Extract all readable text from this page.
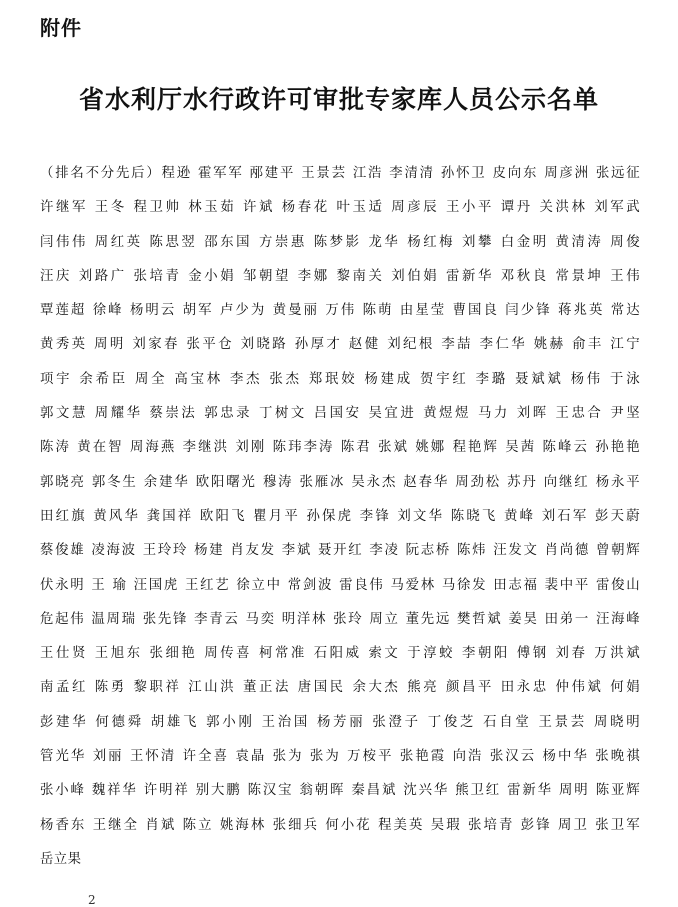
附件
省水利厅水行政许可审批专家库人员公示名单
（排名不分先后）程逊 霍军军 邴建平 王景芸 江浩 李清清 孙怀卫 皮向东 周彦洲 张远征
许继军 王冬 程卫帅 林玉茹 许斌 杨春花 叶玉适 周彦辰 王小平 谭丹 关洪林 刘军武
闫伟伟 周红英 陈思翌 邵东国 方崇惠 陈梦影 龙华 杨红梅 刘攀 白金明 黄清涛 周俊
汪庆 刘路广 张培青 金小娟 邹朝望 李娜 黎南关 刘伯娟 雷新华 邓秋良 常景坤 王伟
覃莲超 徐峰 杨明云 胡军 卢少为 黄曼丽 万伟 陈萌 由星莹 曹国良 闫少锋 蒋兆英 常达
黄秀英 周明 刘家春 张平仓 刘晓路 孙厚才 赵健 刘纪根 李喆 李仁华 姚赫 俞丰 江宁
项宇 余希臣 周全 高宝林 李杰 张杰 郑珉姣 杨建成 贺宇红 李璐 聂斌斌 杨伟 于泳
郭文慧 周耀华 蔡崇法 郭忠录 丁树文 吕国安 吴宜进 黄煜煜 马力 刘晖 王忠合 尹坚
陈涛 黄在智 周海燕 李继洪 刘刚 陈玮李涛 陈君 张斌 姚娜 程艳辉 吴茜 陈峰云 孙艳艳
郭晓亮 郭冬生 余建华 欧阳曙光 穆涛 张雁冰 吴永杰 赵春华 周劲松 苏丹 向继红 杨永平
田红旗 黄风华 龚国祥 欧阳飞 瞿月平 孙保虎 李锋 刘文华 陈晓飞 黄峰 刘石军 彭天蔚
蔡俊雄 凌海波 王玲玲 杨建 肖友发 李斌 聂开红 李凌 阮志桥 陈炜 汪发文 肖尚德 曾朝辉
伏永明 王 瑜 汪国虎 王红艺 徐立中 常剑波 雷良伟 马爱林 马徐发 田志福 裴中平 雷俊山
危起伟 温周瑞 张先锋 李青云 马奕 明洋林 张玲 周立 董先远 樊哲斌 姜昊 田弟一 汪海峰
王仕贤 王旭东 张细艳 周传喜 柯常准 石阳威 索文 于淳蛟 李朝阳 傅钢 刘春 万洪斌
南孟红 陈勇 黎职祥 江山洪 董正法 唐国民 余大杰 熊亮 颜昌平 田永忠 仲伟斌 何娟
彭建华 何德舜 胡雄飞 郭小刚 王治国 杨芳丽 张澄子 丁俊芝 石自堂 王景芸 周晓明
管光华 刘丽 王怀清 许全喜 袁晶 张为 张为 万桉平 张艳霞 向浩 张汉云 杨中华 张晚祺
张小峰 魏祥华 许明祥 别大鹏 陈汉宝 翁朝晖 秦昌斌 沈兴华 熊卫红 雷新华 周明 陈亚辉
杨香东 王继全 肖斌 陈立 姚海林 张细兵 何小花 程美英 吴瑕 张培青 彭锋 周卫 张卫军
岳立果
2
